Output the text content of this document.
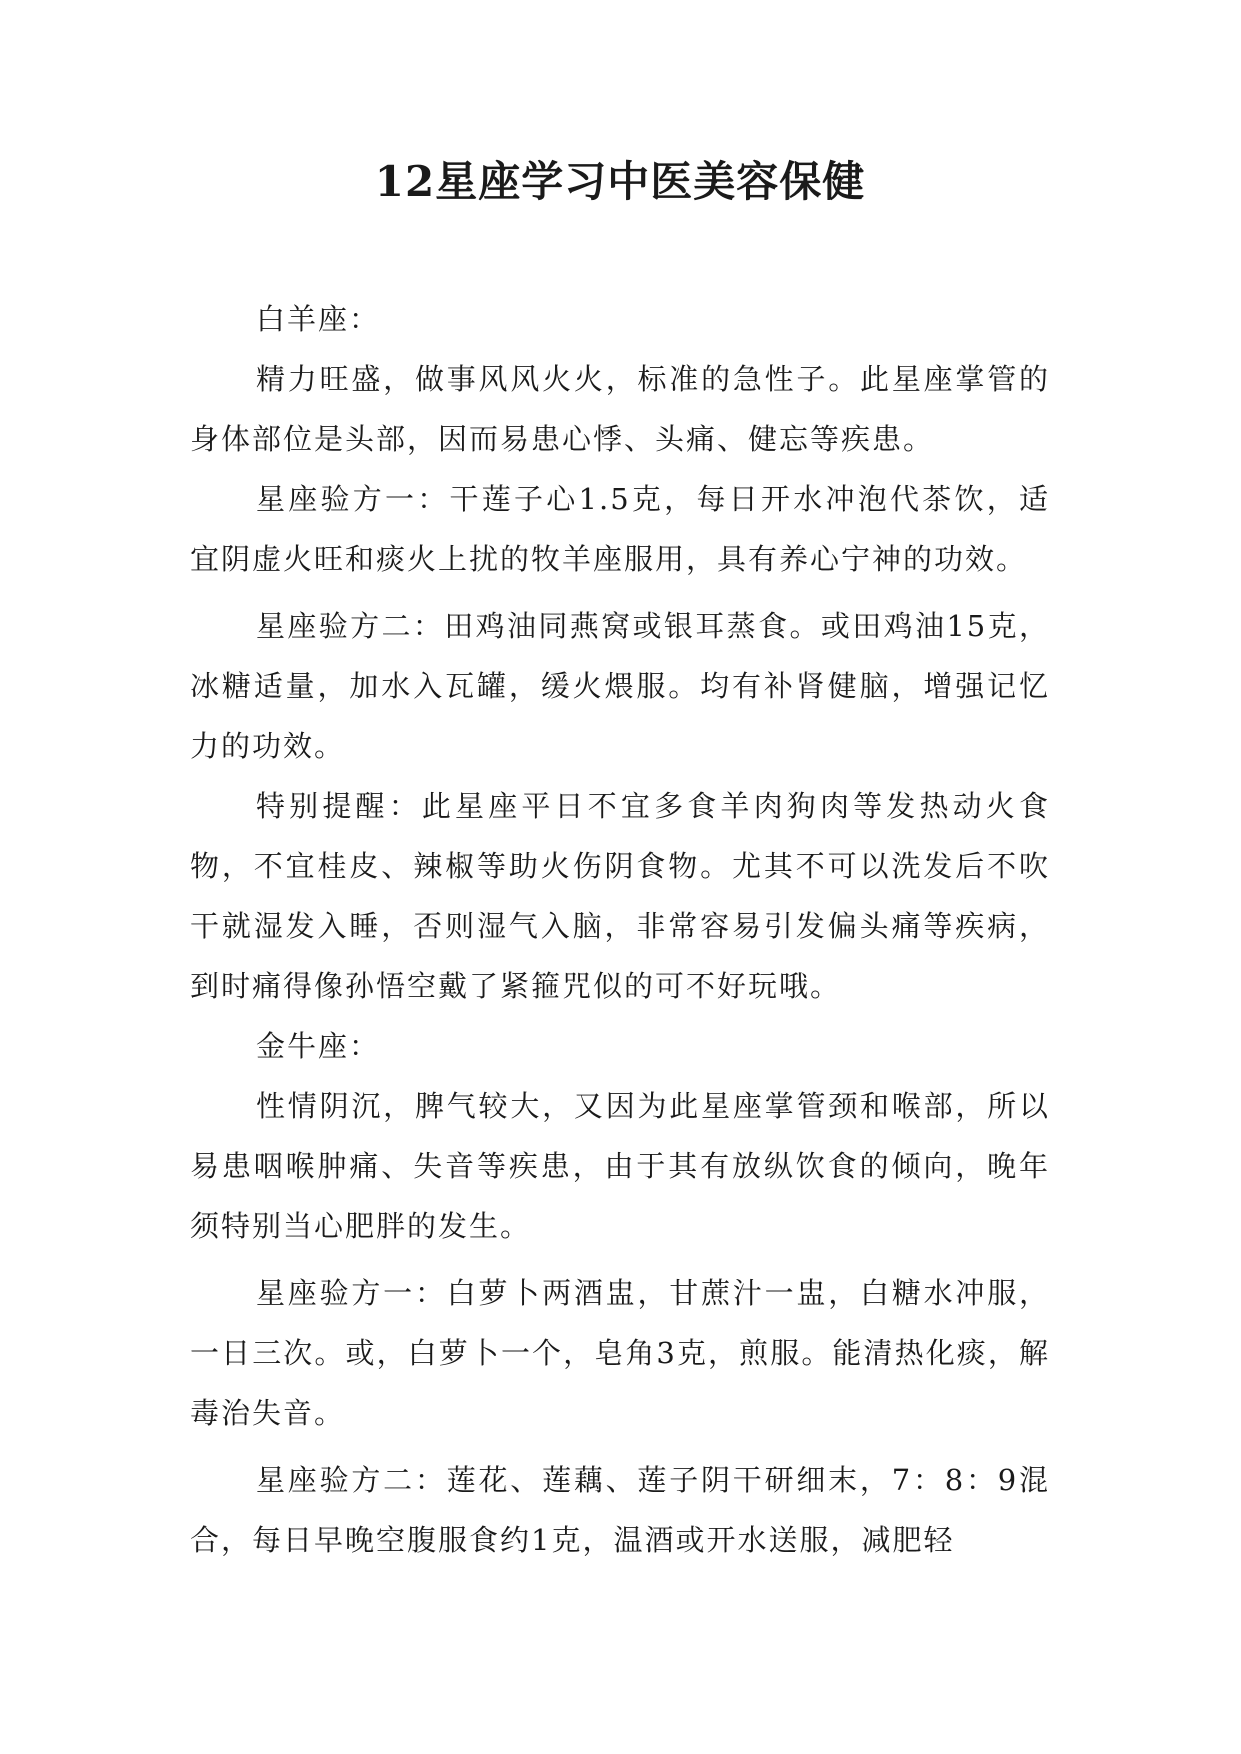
12星座学习中医美容保健

白羊座：

精力旺盛，做事风风火火，标准的急性子。此星座掌管的身体部位是头部，因而易患心悸、头痛、健忘等疾患。

星座验方一：干莲子心1.5克，每日开水冲泡代茶饮，适宜阴虚火旺和痰火上扰的牧羊座服用，具有养心宁神的功效。

星座验方二：田鸡油同燕窝或银耳蒸食。或田鸡油15克，冰糖适量，加水入瓦罐，缓火煨服。均有补肾健脑，增强记忆力的功效。

特别提醒：此星座平日不宜多食羊肉狗肉等发热动火食物，不宜桂皮、辣椒等助火伤阴食物。尤其不可以洗发后不吹干就湿发入睡，否则湿气入脑，非常容易引发偏头痛等疾病，到时痛得像孙悟空戴了紧箍咒似的可不好玩哦。

金牛座：

性情阴沉，脾气较大，又因为此星座掌管颈和喉部，所以易患咽喉肿痛、失音等疾患，由于其有放纵饮食的倾向，晚年须特别当心肥胖的发生。

星座验方一：白萝卜两酒盅，甘蔗汁一盅，白糖水冲服，一日三次。或，白萝卜一个，皂角3克，煎服。能清热化痰，解毒治失音。

星座验方二：莲花、莲藕、莲子阴干研细末，7：8：9混合，每日早晚空腹服食约1克，温酒或开水送服，减肥轻
